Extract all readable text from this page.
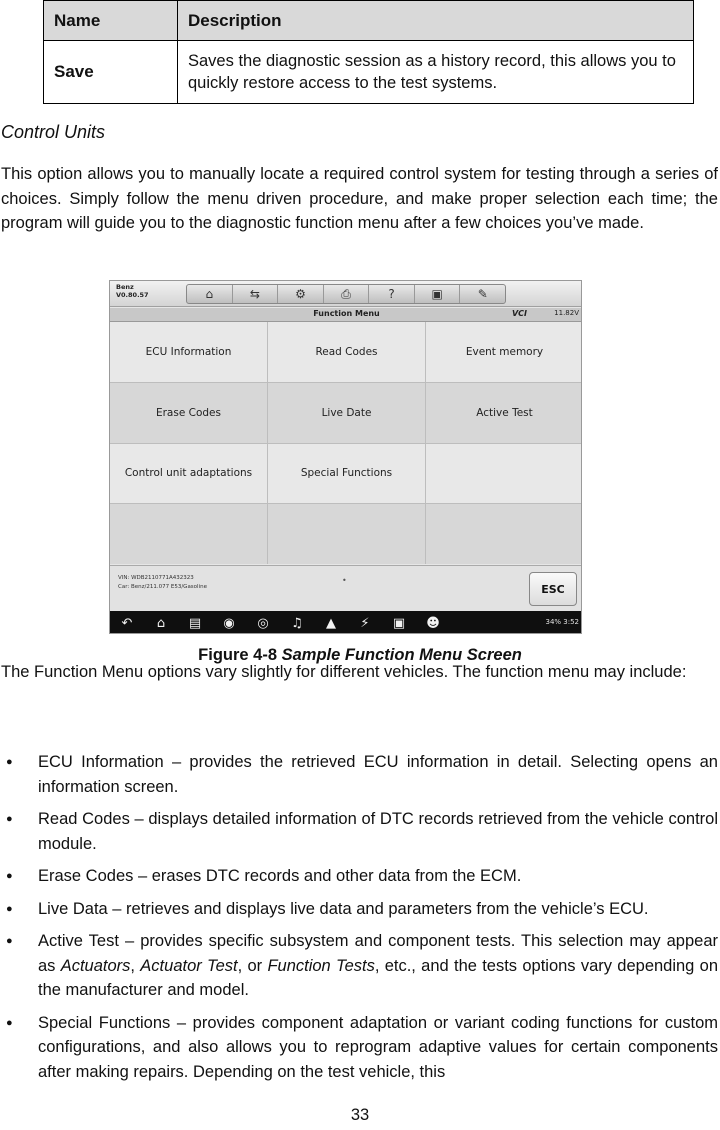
Name	Description
Save	Saves the diagnostic session as a history record, this allows you to quickly restore access to the test systems.
Control Units

This option allows you to manually locate a required control system for testing through a series of choices. Simply follow the menu driven procedure, and make proper selection each time; the program will guide you to the diagnostic function menu after a few choices you’ve made.

Benz
V0.80.57	⌂	⇆	⚙	⎙	?	▣	✎
Function Menu	VCI	11.82V
ECU Information	Read Codes	Event memory
Erase Codes	Live Date	Active Test
Control unit adaptations	Special Functions
VIN: WDB2110771A432323
Car: Benz/211.077 E53/Gasoline
•
ESC
↶	⌂	▤	◉	◎	♫	▲	⚡	▣	☻	34% 3:52
Figure 4-8 Sample Function Menu Screen

The Function Menu options vary slightly for different vehicles. The function menu may include:

● ECU Information – provides the retrieved ECU information in detail. Selecting opens an information screen.
● Read Codes – displays detailed information of DTC records retrieved from the vehicle control module.
● Erase Codes – erases DTC records and other data from the ECM.
● Live Data – retrieves and displays live data and parameters from the vehicle’s ECU.
● Active Test – provides specific subsystem and component tests. This selection may appear as Actuators, Actuator Test, or Function Tests, etc., and the tests options vary depending on the manufacturer and model.
● Special Functions – provides component adaptation or variant coding functions for custom configurations, and also allows you to reprogram adaptive values for certain components after making repairs. Depending on the test vehicle, this
33
